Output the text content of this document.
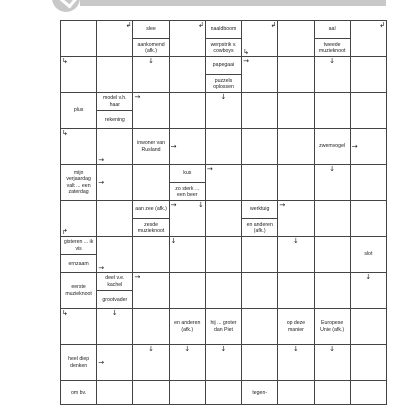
↲
slee
aankomend (afk.)
↲
naaldboom
werpstrik v. cowboys
↲
↳
aal
tweede muzieknoot
↲
↳	↓
papegaai
puzzels oplossen
→	↓
plus
model v.h. haar
rekening
→	↓
↳
→
inwoner van Rusland	→	zwemvogel →
mijn verjaardag valt ... een zaterdag
→
kus
zo sterk ... een beer
→	↓
↱
aan zee (afk.)
zesde muzieknoot
→	↓
werktuig
en anderen (afk.)
→
gisteren ... ik vis
ernzaam
→
↓	↓
slot
eerste muzieknoot
deel v.e. kachel
grootvader
→	↓
↳	↓
en anderen (afk.)
hij ... groter dan Piet
op deze manier
Europese Unie (afk.)
heel diep denken	→
↓	↓	↓	↓	↓
om bv.	tegen-
